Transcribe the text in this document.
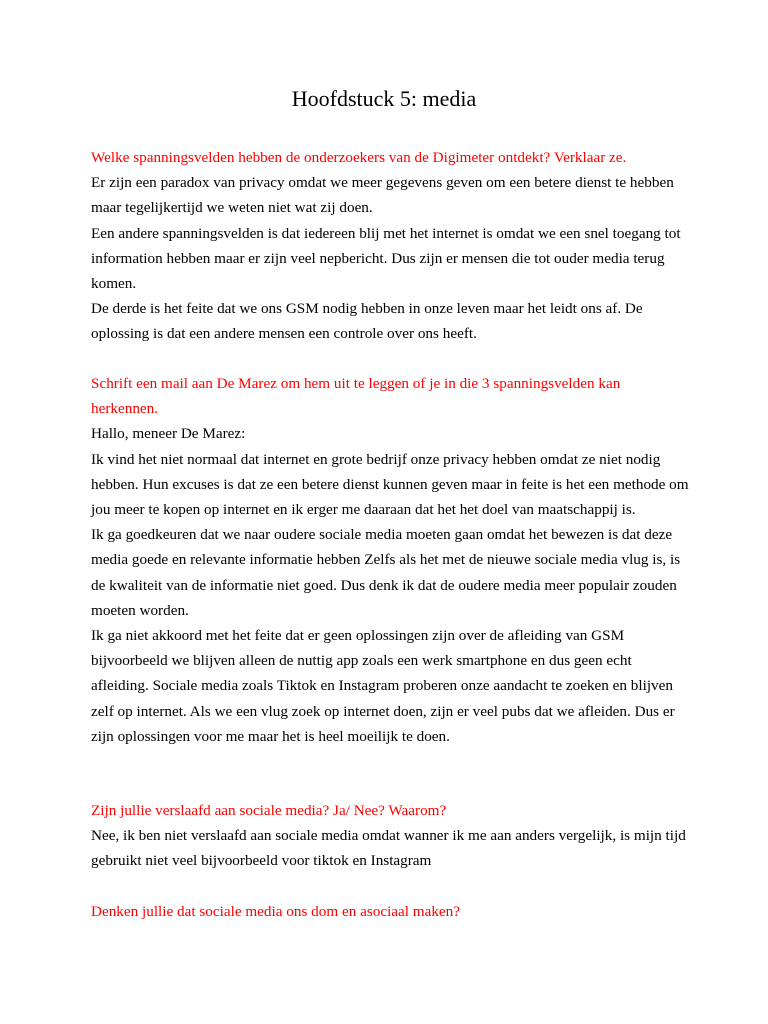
Hoofdstuck 5: media

Welke spanningsvelden hebben de onderzoekers van de Digimeter ontdekt? Verklaar ze.

Er zijn een paradox van privacy omdat we meer gegevens geven om een betere dienst te hebben maar tegelijkertijd we weten niet wat zij doen.

Een andere spanningsvelden is dat iedereen blij met het internet is omdat we een snel toegang tot information hebben maar er zijn veel nepbericht. Dus zijn er mensen die tot ouder media terug komen.

De derde is het feite dat we ons GSM nodig hebben in onze leven maar het leidt ons af. De oplossing is dat een andere mensen een controle over ons heeft.

Schrift een mail aan De Marez om hem uit te leggen of je in die 3 spanningsvelden kan herkennen.

Hallo, meneer De Marez:

Ik vind het niet normaal dat internet en grote bedrijf onze privacy hebben omdat ze niet nodig hebben. Hun excuses is dat ze een betere dienst kunnen geven maar in feite is het een methode om jou meer te kopen op internet en ik erger me daaraan dat het het doel van maatschappij is.

Ik ga goedkeuren dat we naar oudere sociale media moeten gaan omdat het bewezen is dat deze media goede en relevante informatie hebben Zelfs als het met de nieuwe sociale media vlug is, is de kwaliteit van de informatie niet goed. Dus denk ik dat de oudere media meer populair zouden moeten worden.

Ik ga niet akkoord met het feite dat er geen oplossingen zijn over de afleiding van GSM bijvoorbeeld we blijven alleen de nuttig app zoals een werk smartphone en dus geen echt afleiding. Sociale media zoals Tiktok en Instagram proberen onze aandacht te zoeken en blijven zelf op internet. Als we een vlug zoek op internet doen, zijn er veel pubs dat we afleiden. Dus er zijn oplossingen voor me maar het is heel moeilijk te doen.

Zijn jullie verslaafd aan sociale media? Ja/ Nee? Waarom?

Nee, ik ben niet verslaafd aan sociale media omdat wanner ik me aan anders vergelijk, is mijn tijd gebruikt niet veel bijvoorbeeld voor tiktok en Instagram

Denken jullie dat sociale media ons dom en asociaal maken?
